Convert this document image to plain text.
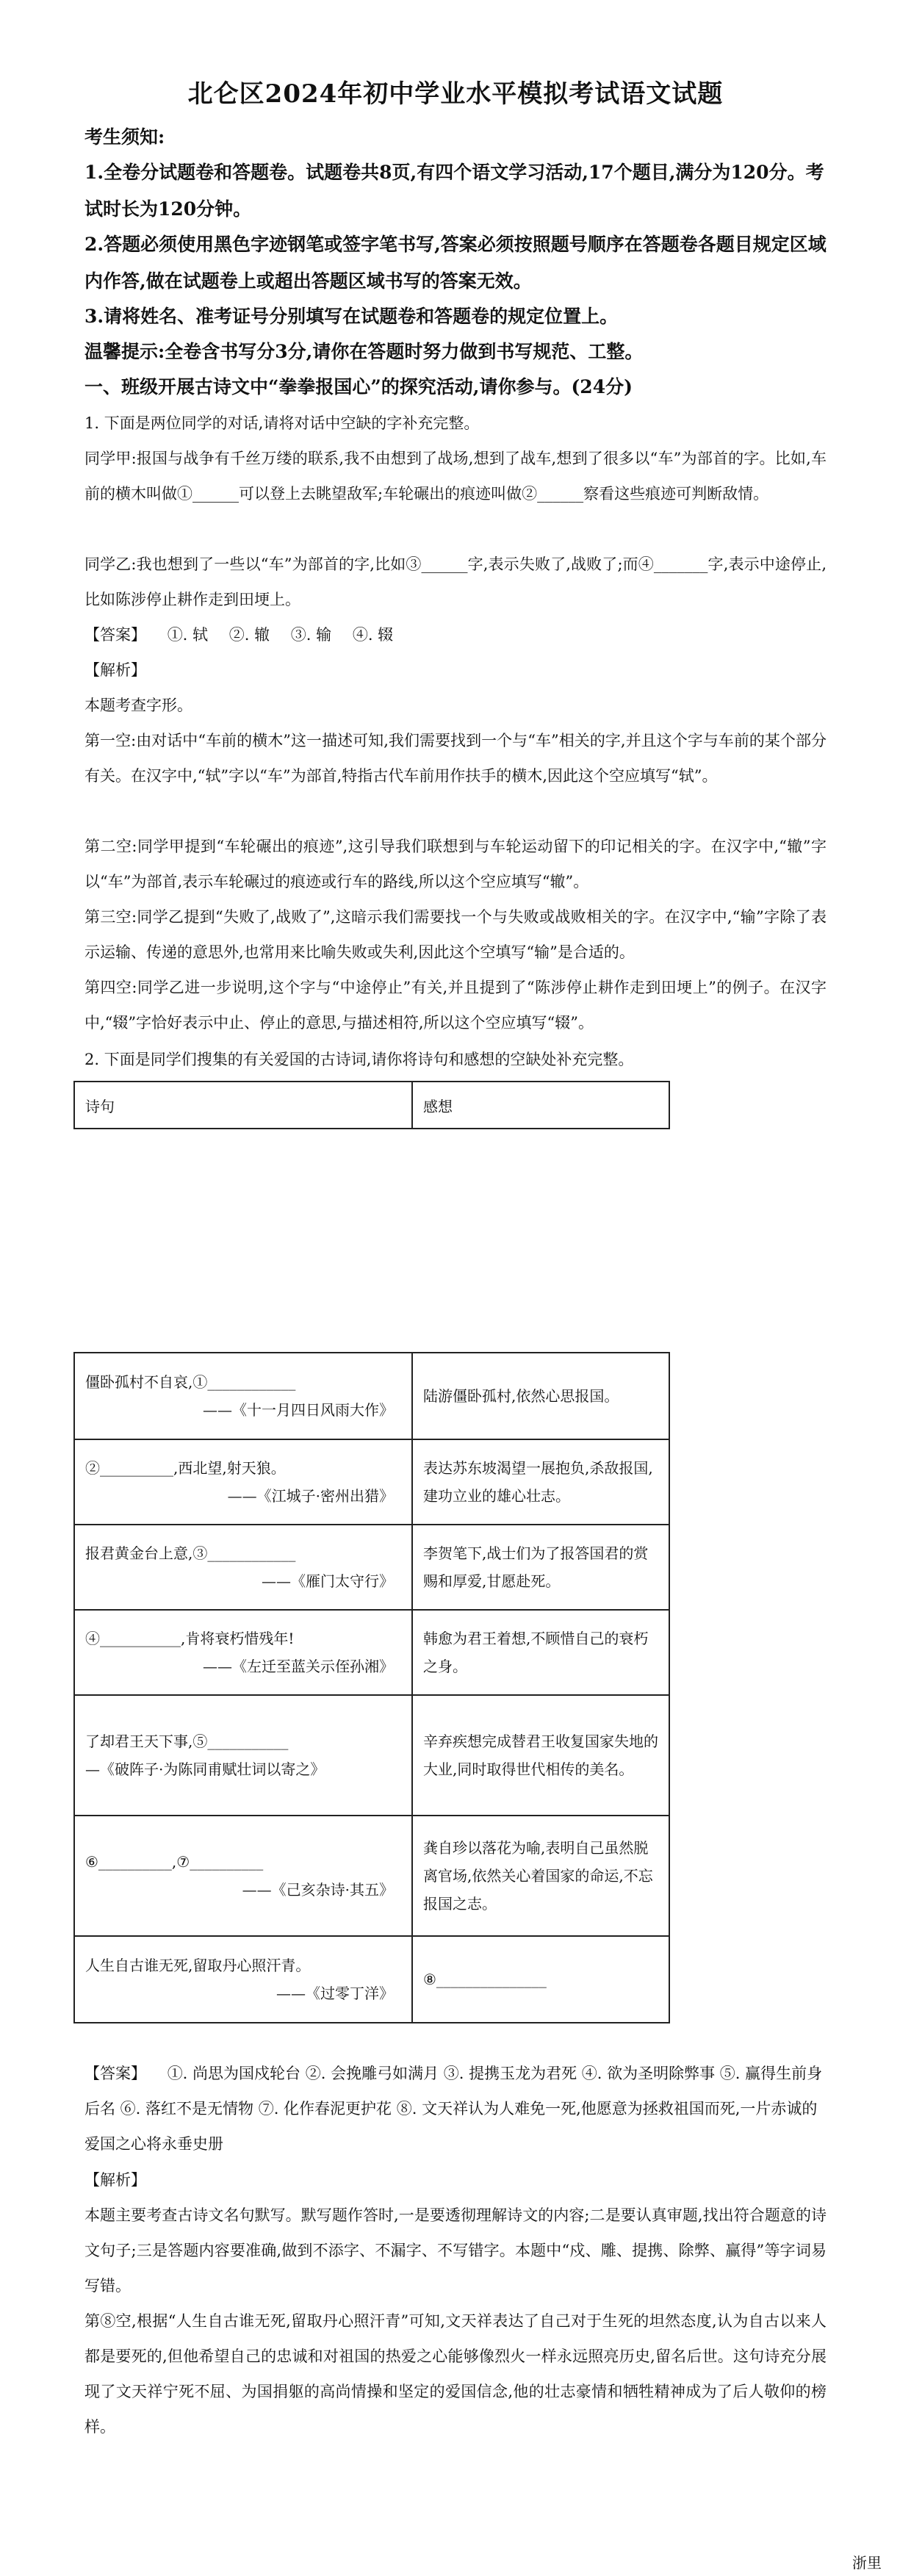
北仑区2024年初中学业水平模拟考试语文试题
考生须知:
1.全卷分试题卷和答题卷。试题卷共8页,有四个语文学习活动,17个题目,满分为120分。考试时长为120分钟。
2.答题必须使用黑色字迹钢笔或签字笔书写,答案必须按照题号顺序在答题卷各题目规定区域内作答,做在试题卷上或超出答题区域书写的答案无效。
3.请将姓名、准考证号分别填写在试题卷和答题卷的规定位置上。
温馨提示:全卷含书写分3分,请你在答题时努力做到书写规范、工整。
一、班级开展古诗文中“拳拳报国心”的探究活动,请你参与。(24分)
1. 下面是两位同学的对话,请将对话中空缺的字补充完整。
同学甲:报国与战争有千丝万缕的联系,我不由想到了战场,想到了战车,想到了很多以“车”为部首的字。比如,车前的横木叫做①______可以登上去眺望敌军;车轮碾出的痕迹叫做②______察看这些痕迹可判断敌情。
同学乙:我也想到了一些以“车”为部首的字,比如③______字,表示失败了,战败了;而④_______字,表示中途停止,比如陈涉停止耕作走到田埂上。
【答案】 ①. 轼 ②. 辙 ③. 输 ④. 辍
【解析】
本题考查字形。
第一空:由对话中“车前的横木”这一描述可知,我们需要找到一个与“车”相关的字,并且这个字与车前的某个部分有关。在汉字中,“轼”字以“车”为部首,特指古代车前用作扶手的横木,因此这个空应填写“轼”。
第二空:同学甲提到“车轮碾出的痕迹”,这引导我们联想到与车轮运动留下的印记相关的字。在汉字中,“辙”字以“车”为部首,表示车轮碾过的痕迹或行车的路线,所以这个空应填写“辙”。
第三空:同学乙提到“失败了,战败了”,这暗示我们需要找一个与失败或战败相关的字。在汉字中,“输”字除了表示运输、传递的意思外,也常用来比喻失败或失利,因此这个空填写“输”是合适的。
第四空:同学乙进一步说明,这个字与“中途停止”有关,并且提到了“陈涉停止耕作走到田埂上”的例子。在汉字中,“辍”字恰好表示中止、停止的意思,与描述相符,所以这个空应填写“辍”。
2. 下面是同学们搜集的有关爱国的古诗词,请你将诗句和感想的空缺处补充完整。
诗句	感想
僵卧孤村不自哀,①____________
——《十一月四日风雨大作》	陆游僵卧孤村,依然心思报国。
②__________,西北望,射天狼。
——《江城子·密州出猎》	表达苏东坡渴望一展抱负,杀敌报国,建功立业的雄心壮志。
报君黄金台上意,③____________
——《雁门太守行》	李贺笔下,战士们为了报答国君的赏赐和厚爱,甘愿赴死。
④___________,肯将衰朽惜残年!
——《左迁至蓝关示侄孙湘》	韩愈为君王着想,不顾惜自己的衰朽之身。
了却君王天下事,⑤___________
—《破阵子·为陈同甫赋壮词以寄之》	辛弃疾想完成替君王收复国家失地的大业,同时取得世代相传的美名。
⑥__________,⑦__________
——《己亥杂诗·其五》	龚自珍以落花为喻,表明自己虽然脱离官场,依然关心着国家的命运,不忘报国之志。
人生自古谁无死,留取丹心照汗青。
——《过零丁洋》	⑧_______________
【答案】 ①. 尚思为国戍轮台 ②. 会挽雕弓如满月 ③. 提携玉龙为君死 ④. 欲为圣明除弊事 ⑤. 赢得生前身后名 ⑥. 落红不是无情物 ⑦. 化作春泥更护花 ⑧. 文天祥认为人难免一死,他愿意为拯救祖国而死,一片赤诚的爱国之心将永垂史册
【解析】
本题主要考查古诗文名句默写。默写题作答时,一是要透彻理解诗文的内容;二是要认真审题,找出符合题意的诗文句子;三是答题内容要准确,做到不添字、不漏字、不写错字。本题中“戍、雕、提携、除弊、赢得”等字词易写错。
第⑧空,根据“人生自古谁无死,留取丹心照汗青”可知,文天祥表达了自己对于生死的坦然态度,认为自古以来人都是要死的,但他希望自己的忠诚和对祖国的热爱之心能够像烈火一样永远照亮历史,留名后世。这句诗充分展现了文天祥宁死不屈、为国捐躯的高尚情操和坚定的爱国信念,他的壮志豪情和牺牲精神成为了后人敬仰的榜样。
浙里
